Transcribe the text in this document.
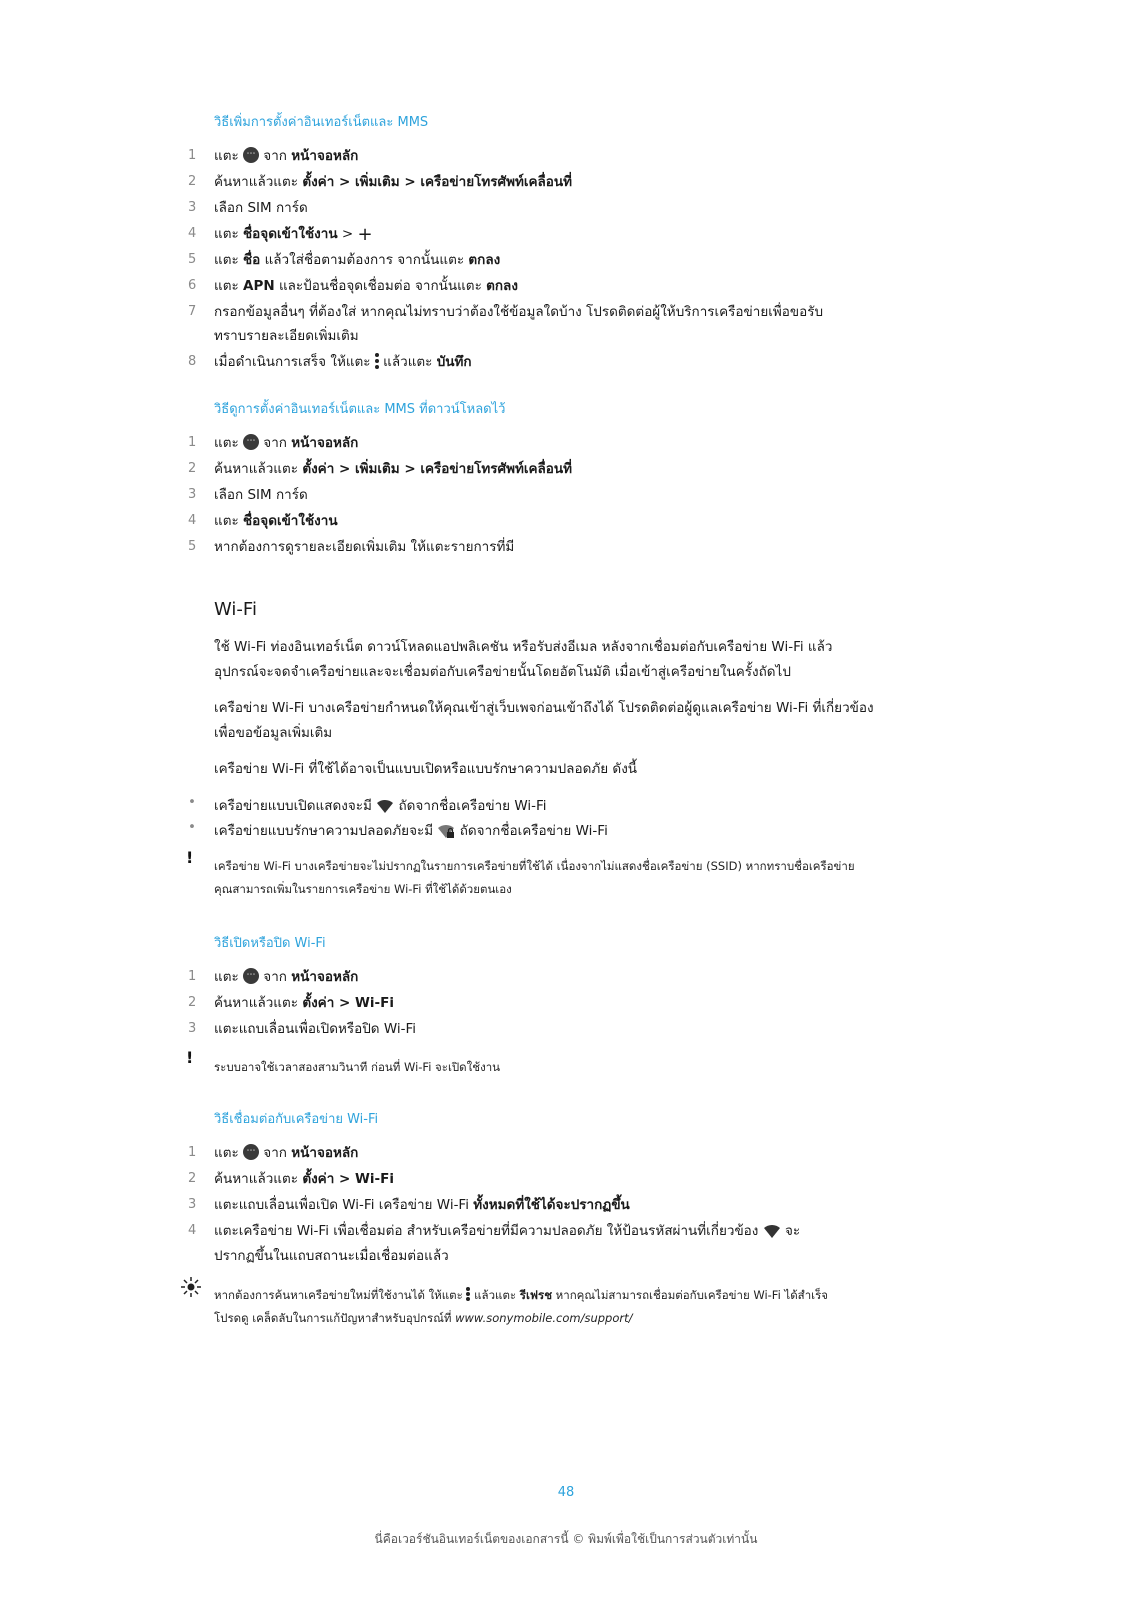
วิธีเพิ่มการตั้งค่าอินเทอร์เน็ตและ MMS
1	แตะ ⋯ จาก หน้าจอหลัก
2	ค้นหาแล้วแตะ ตั้งค่า > เพิ่มเติม > เครือข่ายโทรศัพท์เคลื่อนที่
3	เลือก SIM การ์ด
4	แตะ ชื่อจุดเข้าใช้งาน > +
5	แตะ ชื่อ แล้วใส่ชื่อตามต้องการ จากนั้นแตะ ตกลง
6	แตะ APN และป้อนชื่อจุดเชื่อมต่อ จากนั้นแตะ ตกลง
7	กรอกข้อมูลอื่นๆ ที่ต้องใส่ หากคุณไม่ทราบว่าต้องใช้ข้อมูลใดบ้าง โปรดติดต่อผู้ให้บริการเครือข่ายเพื่อขอรับ
ทราบรายละเอียดเพิ่มเติม
8	เมื่อดำเนินการเสร็จ ให้แตะ
แล้วแตะ บันทึก
วิธีดูการตั้งค่าอินเทอร์เน็ตและ MMS ที่ดาวน์โหลดไว้
1	แตะ ⋯ จาก หน้าจอหลัก
2	ค้นหาแล้วแตะ ตั้งค่า > เพิ่มเติม > เครือข่ายโทรศัพท์เคลื่อนที่
3	เลือก SIM การ์ด
4	แตะ ชื่อจุดเข้าใช้งาน
5	หากต้องการดูรายละเอียดเพิ่มเติม ให้แตะรายการที่มี
Wi-Fi
ใช้ Wi-Fi ท่องอินเทอร์เน็ต ดาวน์โหลดแอปพลิเคชัน หรือรับส่งอีเมล หลังจากเชื่อมต่อกับเครือข่าย Wi-Fi แล้ว
อุปกรณ์จะจดจำเครือข่ายและจะเชื่อมต่อกับเครือข่ายนั้นโดยอัตโนมัติ เมื่อเข้าสู่เครือข่ายในครั้งถัดไป
เครือข่าย Wi-Fi บางเครือข่ายกำหนดให้คุณเข้าสู่เว็บเพจก่อนเข้าถึงได้ โปรดติดต่อผู้ดูแลเครือข่าย Wi-Fi ที่เกี่ยวข้อง
เพื่อขอข้อมูลเพิ่มเติม
เครือข่าย Wi-Fi ที่ใช้ได้อาจเป็นแบบเปิดหรือแบบรักษาความปลอดภัย ดังนี้
• เครือข่ายแบบเปิดแสดงจะมี  ถัดจากชื่อเครือข่าย Wi-Fi
• เครือข่ายแบบรักษาความปลอดภัยจะมี  ถัดจากชื่อเครือข่าย Wi-Fi
! เครือข่าย Wi-Fi บางเครือข่ายจะไม่ปรากฏในรายการเครือข่ายที่ใช้ได้ เนื่องจากไม่แสดงชื่อเครือข่าย (SSID) หากทราบชื่อเครือข่าย
คุณสามารถเพิ่มในรายการเครือข่าย Wi-Fi ที่ใช้ได้ด้วยตนเอง
วิธีเปิดหรือปิด Wi-Fi
1	แตะ ⋯ จาก หน้าจอหลัก
2	ค้นหาแล้วแตะ ตั้งค่า > Wi-Fi
3	แตะแถบเลื่อนเพื่อเปิดหรือปิด Wi-Fi
! ระบบอาจใช้เวลาสองสามวินาที ก่อนที่ Wi-Fi จะเปิดใช้งาน
วิธีเชื่อมต่อกับเครือข่าย Wi-Fi
1	แตะ ⋯ จาก หน้าจอหลัก
2	ค้นหาแล้วแตะ ตั้งค่า > Wi-Fi
3	แตะแถบเลื่อนเพื่อเปิด Wi-Fi เครือข่าย Wi-Fi ทั้งหมดที่ใช้ได้จะปรากฏขึ้น
4	แตะเครือข่าย Wi-Fi เพื่อเชื่อมต่อ สำหรับเครือข่ายที่มีความปลอดภัย ให้ป้อนรหัสผ่านที่เกี่ยวข้อง  จะ
ปรากฏขึ้นในแถบสถานะเมื่อเชื่อมต่อแล้ว
หากต้องการค้นหาเครือข่ายใหม่ที่ใช้งานได้ ให้แตะ
แล้วแตะ รีเฟรช หากคุณไม่สามารถเชื่อมต่อกับเครือข่าย Wi-Fi ได้สำเร็จ
โปรดดู เคล็ดลับในการแก้ปัญหาสำหรับอุปกรณ์ที่ www.sonymobile.com/support/
48
นี่คือเวอร์ชันอินเทอร์เน็ตของเอกสารนี้ © พิมพ์เพื่อใช้เป็นการส่วนตัวเท่านั้น
